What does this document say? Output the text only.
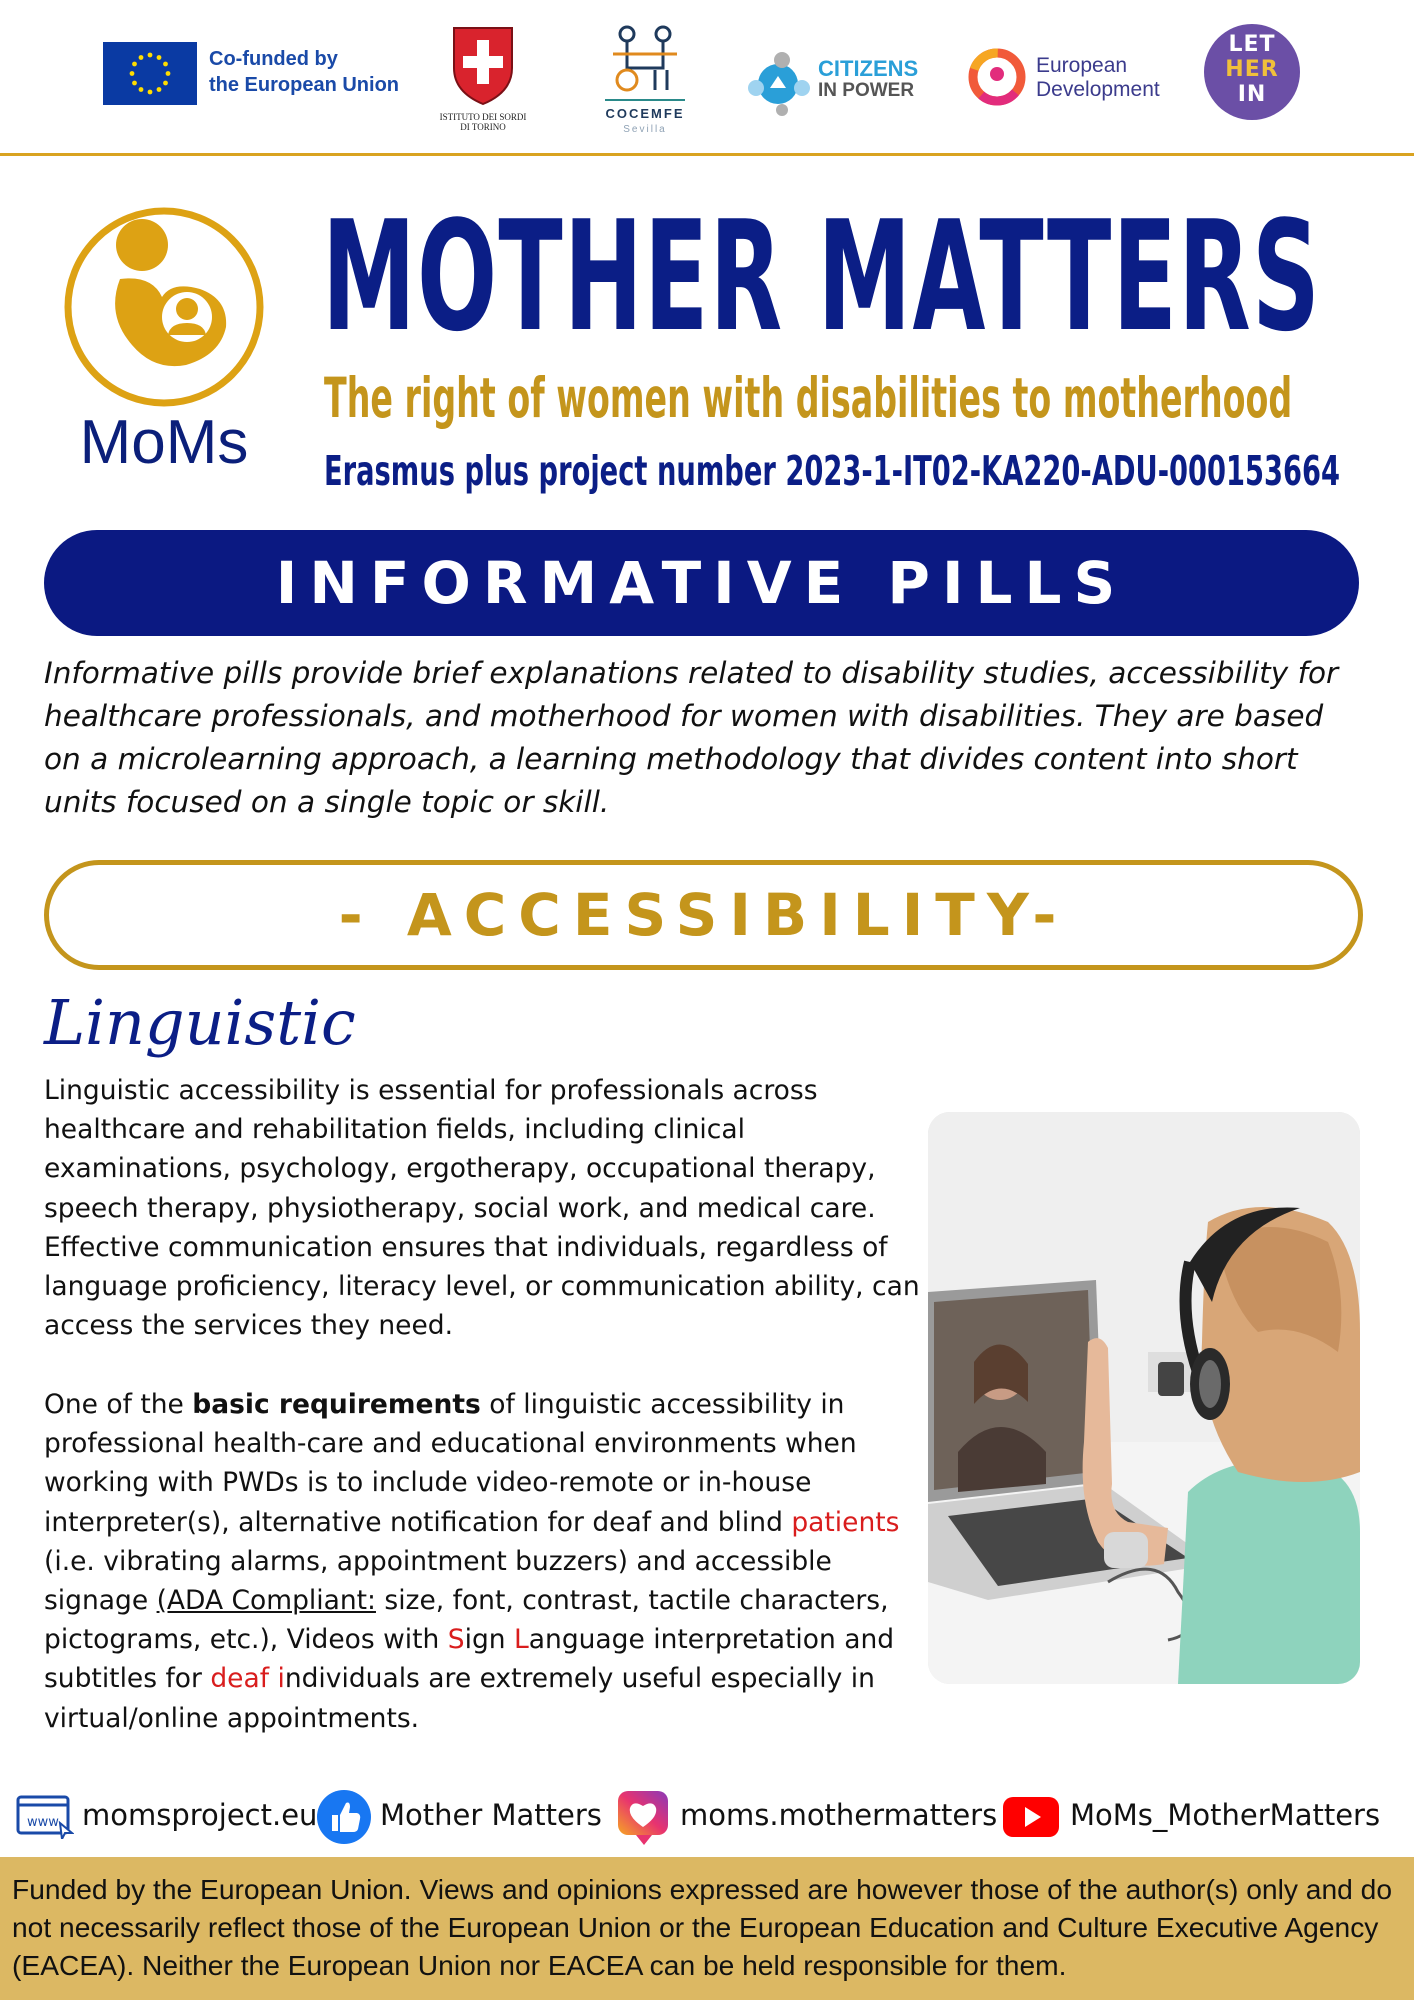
Co-funded by
the European Union
ISTITUTO DEI SORDI
DI TORINO
COCEMFE
Sevilla
CITIZENS
IN POWER
European
Development
LET
HER
IN
MoMs
MOTHER MATTERS
The right of women with disabilities to motherhood
Erasmus plus project number 2023-1-IT02-KA220-ADU-000153664
INFORMATIVE PILLS
Informative pills provide brief explanations related to disability studies, accessibility for healthcare professionals, and motherhood for women with disabilities. They are based on a microlearning approach, a learning methodology that divides content into short units focused on a single topic or skill.
- ACCESSIBILITY-
Linguistic
Linguistic accessibility is essential for professionals across healthcare and rehabilitation fields, including clinical examinations, psychology, ergotherapy, occupational therapy, speech therapy, physiotherapy, social work, and medical care. Effective communication ensures that individuals, regardless of language proficiency, literacy level, or communication ability, can access the services they need.
One of the basic requirements of linguistic accessibility in professional health-care and educational environments when working with PWDs is to include video-remote or in-house interpreter(s), alternative notification for deaf and blind patients (i.e. vibrating alarms, appointment buzzers) and accessible signage (ADA Compliant: size, font, contrast, tactile characters, pictograms, etc.), Videos with Sign Language interpretation and subtitles for deaf individuals are extremely useful especially in virtual/online appointments.
www momsproject.eu Mother Matters	moms.mothermatters	MoMs_MotherMatters
Funded by the European Union. Views and opinions expressed are however those of the author(s) only and do not necessarily reflect those of the European Union or the European Education and Culture Executive Agency (EACEA). Neither the European Union nor EACEA can be held responsible for them.
